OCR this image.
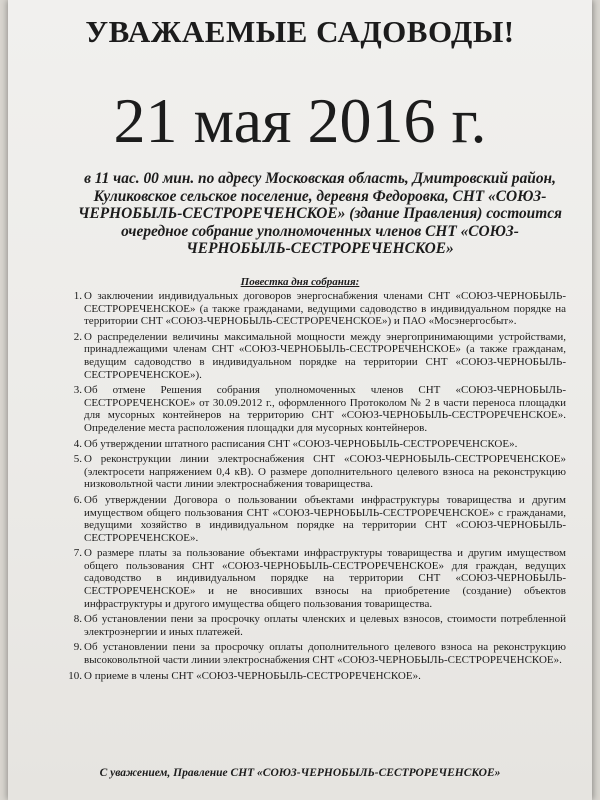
УВАЖАЕМЫЕ САДОВОДЫ!
21 мая 2016 г.
в 11 час. 00 мин. по адресу Московская область, Дмитровский район, Куликовское сельское поселение, деревня Федоровка, СНТ «СОЮЗ-ЧЕРНОБЫЛЬ-СЕСТРОРЕЧЕНСКОЕ» (здание Правления) состоится очередное собрание уполномоченных членов СНТ «СОЮЗ-ЧЕРНОБЫЛЬ-СЕСТРОРЕЧЕНСКОЕ»
Повестка дня собрания:
1. О заключении индивидуальных договоров энергоснабжения членами СНТ «СОЮЗ-ЧЕРНОБЫЛЬ-СЕСТРОРЕЧЕНСКОЕ» (а также гражданами, ведущими садоводство в индивидуальном порядке на территории СНТ «СОЮЗ-ЧЕРНОБЫЛЬ-СЕСТРОРЕЧЕНСКОЕ») и ПАО «Мосэнергосбыт».
2. О распределении величины максимальной мощности между энергопринимающими устройствами, принадлежащими членам СНТ «СОЮЗ-ЧЕРНОБЫЛЬ-СЕСТРОРЕЧЕНСКОЕ» (а также гражданам, ведущим садоводство в индивидуальном порядке на территории СНТ «СОЮЗ-ЧЕРНОБЫЛЬ-СЕСТРОРЕЧЕНСКОЕ»).
3. Об отмене Решения собрания уполномоченных членов СНТ «СОЮЗ-ЧЕРНОБЫЛЬ-СЕСТРОРЕЧЕНСКОЕ» от 30.09.2012 г., оформленного Протоколом № 2 в части переноса площадки для мусорных контейнеров на территорию СНТ «СОЮЗ-ЧЕРНОБЫЛЬ-СЕСТРОРЕЧЕНСКОЕ». Определение места расположения площадки для мусорных контейнеров.
4. Об утверждении штатного расписания СНТ «СОЮЗ-ЧЕРНОБЫЛЬ-СЕСТРОРЕЧЕНСКОЕ».
5. О реконструкции линии электроснабжения СНТ «СОЮЗ-ЧЕРНОБЫЛЬ-СЕСТРОРЕЧЕНСКОЕ» (электросети напряжением 0,4 кВ). О размере дополнительного целевого взноса на реконструкцию низковольтной части линии электроснабжения товарищества.
6. Об утверждении Договора о пользовании объектами инфраструктуры товарищества и другим имуществом общего пользования СНТ «СОЮЗ-ЧЕРНОБЫЛЬ-СЕСТРОРЕЧЕНСКОЕ» с гражданами, ведущими хозяйство в индивидуальном порядке на территории СНТ «СОЮЗ-ЧЕРНОБЫЛЬ-СЕСТРОРЕЧЕНСКОЕ».
7. О размере платы за пользование объектами инфраструктуры товарищества и другим имуществом общего пользования СНТ «СОЮЗ-ЧЕРНОБЫЛЬ-СЕСТРОРЕЧЕНСКОЕ» для граждан, ведущих садоводство в индивидуальном порядке на территории СНТ «СОЮЗ-ЧЕРНОБЫЛЬ-СЕСТРОРЕЧЕНСКОЕ» и не вносивших взносы на приобретение (создание) объектов инфраструктуры и другого имущества общего пользования товарищества.
8. Об установлении пени за просрочку оплаты членских и целевых взносов, стоимости потребленной электроэнергии и иных платежей.
9. Об установлении пени за просрочку оплаты дополнительного целевого взноса на реконструкцию высоковольтной части линии электроснабжения СНТ «СОЮЗ-ЧЕРНОБЫЛЬ-СЕСТРОРЕЧЕНСКОЕ».
10. О приеме в члены СНТ «СОЮЗ-ЧЕРНОБЫЛЬ-СЕСТРОРЕЧЕНСКОЕ».
С уважением, Правление СНТ «СОЮЗ-ЧЕРНОБЫЛЬ-СЕСТРОРЕЧЕНСКОЕ»
